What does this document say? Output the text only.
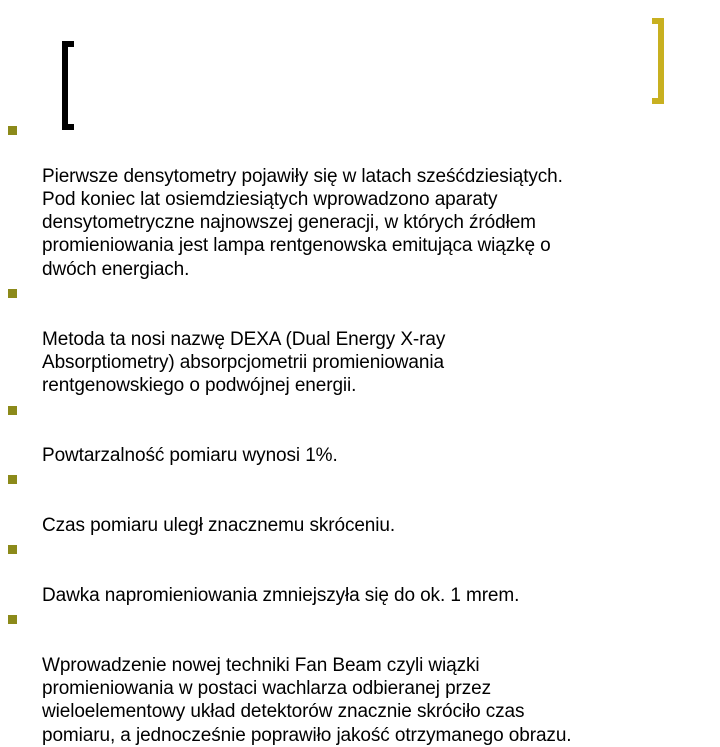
Pierwsze densytometry pojawiły się w latach sześćdziesiątych.
Pod koniec lat osiemdziesiątych wprowadzono aparaty
densytometryczne najnowszej generacji, w których źródłem
promieniowania jest lampa rentgenowska emitująca wiązkę o
dwóch energiach.

Metoda ta nosi nazwę DEXA (Dual Energy X-ray
Absorptiometry) absorpcjometrii promieniowania
rentgenowskiego o podwójnej energii.

Powtarzalność pomiaru wynosi 1%.

Czas pomiaru uległ znacznemu skróceniu.

Dawka napromieniowania zmniejszyła się do ok. 1 mrem.

Wprowadzenie nowej techniki Fan Beam czyli wiązki
promieniowania w postaci wachlarza odbieranej przez
wieloelementowy układ detektorów znacznie skróciło czas
pomiaru, a jednocześnie poprawiło jakość otrzymanego obrazu.
